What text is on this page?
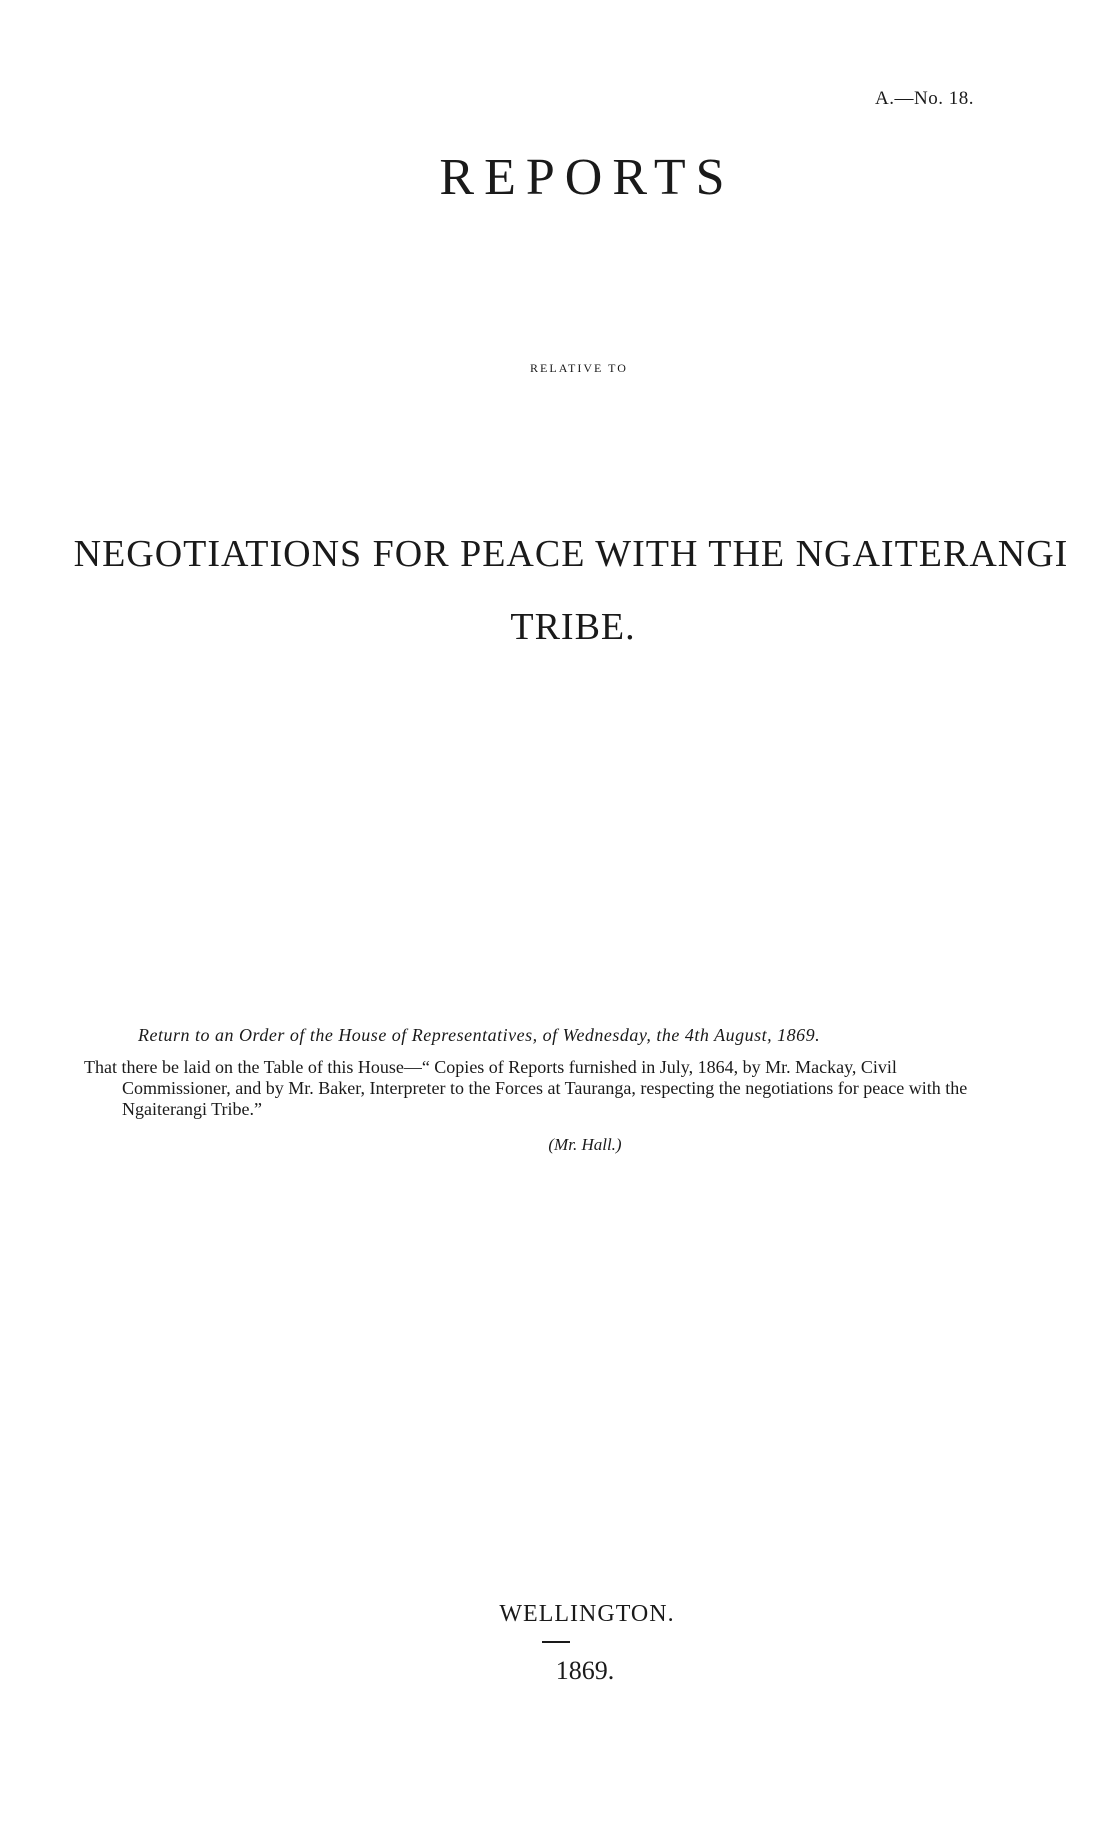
A.—No. 18.
REPORTS
RELATIVE TO
NEGOTIATIONS FOR PEACE WITH THE NGAITERANGI
TRIBE.
Return to an Order of the House of Representatives, of Wednesday, the 4th August, 1869.

That there be laid on the Table of this House—“ Copies of Reports furnished in July, 1864, by Mr. Mackay, Civil Commissioner, and by Mr. Baker, Interpreter to the Forces at Tauranga, respecting the negotiations for peace with the Ngaiterangi Tribe.”

(Mr. Hall.)
WELLINGTON.
1869.
